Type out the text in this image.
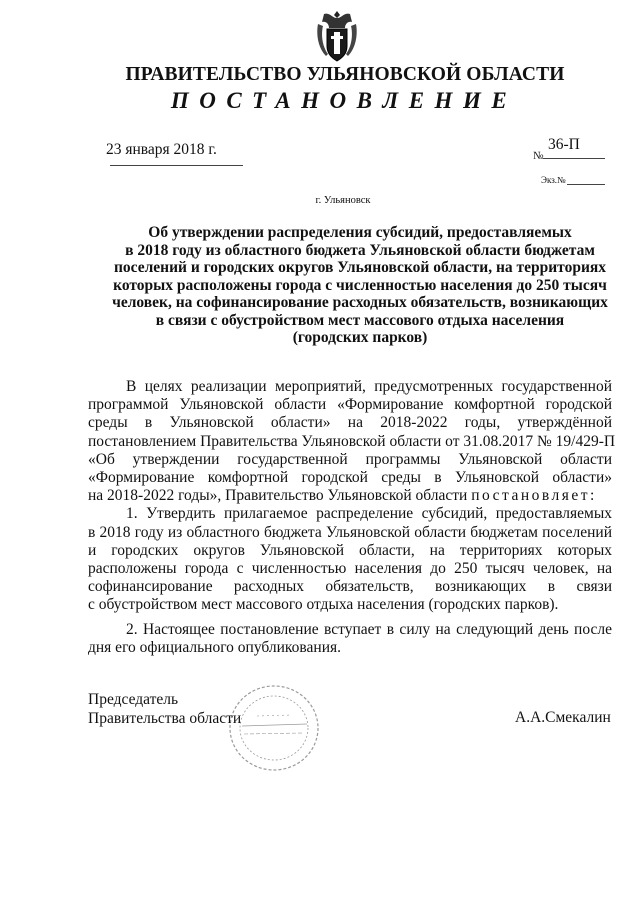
ПРАВИТЕЛЬСТВО УЛЬЯНОВСКОЙ ОБЛАСТИ
ПОСТАНОВЛЕНИЕ
23 января 2018 г.	№
36-П
Экз.№
г. Ульяновск
Об утверждении распределения субсидий, предоставляемых
в 2018 году из областного бюджета Ульяновской области бюджетам
поселений и городских округов Ульяновской области, на территориях
которых расположены города с численностью населения до 250 тысяч
человек, на софинансирование расходных обязательств, возникающих
в связи с обустройством мест массового отдыха населения
(городских парков)
В целях реализации мероприятий, предусмотренных государственной
программой Ульяновской области «Формирование комфортной городской
среды в Ульяновской области» на 2018-2022 годы, утверждённой
постановлением Правительства Ульяновской области от 31.08.2017 № 19/429-П
«Об утверждении государственной программы Ульяновской области
«Формирование комфортной городской среды в Ульяновской области»
на 2018-2022 годы», Правительство Ульяновской области постановляет:
1. Утвердить прилагаемое распределение субсидий, предоставляемых
в 2018 году из областного бюджета Ульяновской области бюджетам поселений
и городских округов Ульяновской области, на территориях которых
расположены города с численностью населения до 250 тысяч человек, на
софинансирование расходных обязательств, возникающих в связи
с обустройством мест массового отдыха населения (городских парков).
2. Настоящее постановление вступает в силу на следующий день после
дня его официального опубликования.
Председатель
Правительства области	А.А.Смекалин
